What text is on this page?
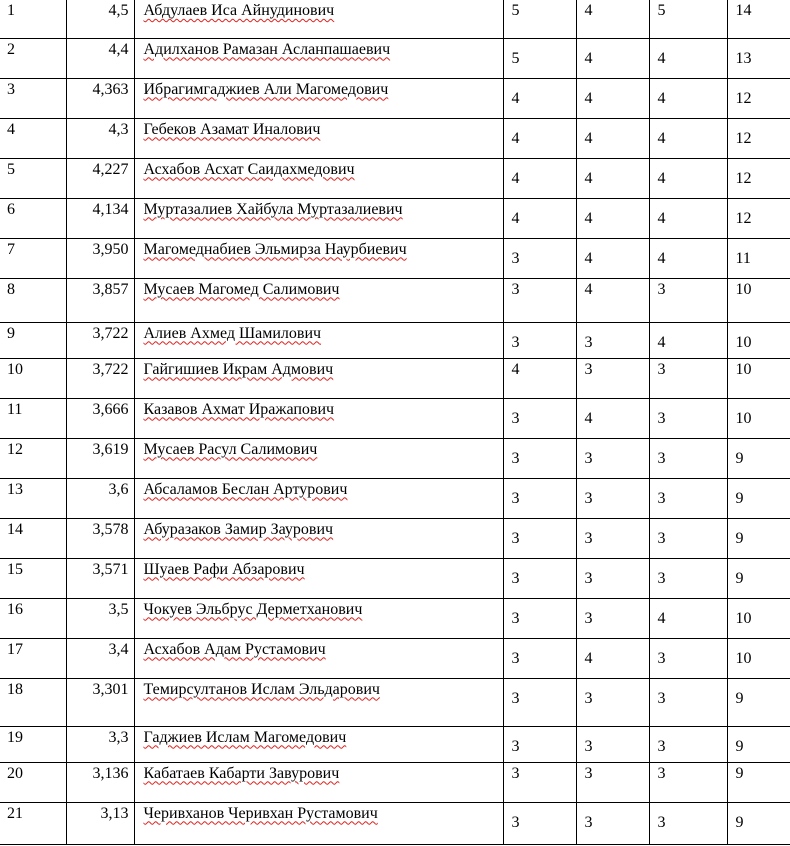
1	4,5	Абдулаев Иса Айнудинович	5	4	5	14
2	4,4	Адилханов Рамазан Асланпашаевич	5	4	4	13
3	4,363	Ибрагимгаджиев Али Магомедович	4	4	4	12
4	4,3	Гебеков Азамат Иналович	4	4	4	12
5	4,227	Асхабов Асхат Саидахмедович	4	4	4	12
6	4,134	Муртазалиев Хайбула Муртазалиевич	4	4	4	12
7	3,950	Магомеднабиев Эльмирза Наурбиевич	3	4	4	11
8	3,857	Мусаев Магомед Салимович	3	4	3	10
9	3,722	Алиев Ахмед Шамилович	3	3	4	10
10	3,722	Гайгишиев Икрам Адмович	4	3	3	10
11	3,666	Казавов Ахмат Иражапович	3	4	3	10
12	3,619	Мусаев Расул Салимович	3	3	3	9
13	3,6	Абсаламов Беслан Артурович	3	3	3	9
14	3,578	Абуразаков Замир Заурович	3	3	3	9
15	3,571	Шуаев Рафи Абзарович	3	3	3	9
16	3,5	Чокуев Эльбрус Дерметханович	3	3	4	10
17	3,4	Асхабов Адам Рустамович	3	4	3	10
18	3,301	Темирсултанов Ислам Эльдарович	3	3	3	9
19	3,3	Гаджиев Ислам Магомедович	3	3	3	9
20	3,136	Кабатаев Кабарти Завурович	3	3	3	9
21	3,13	Черивханов Черивхан Рустамович	3	3	3	9
